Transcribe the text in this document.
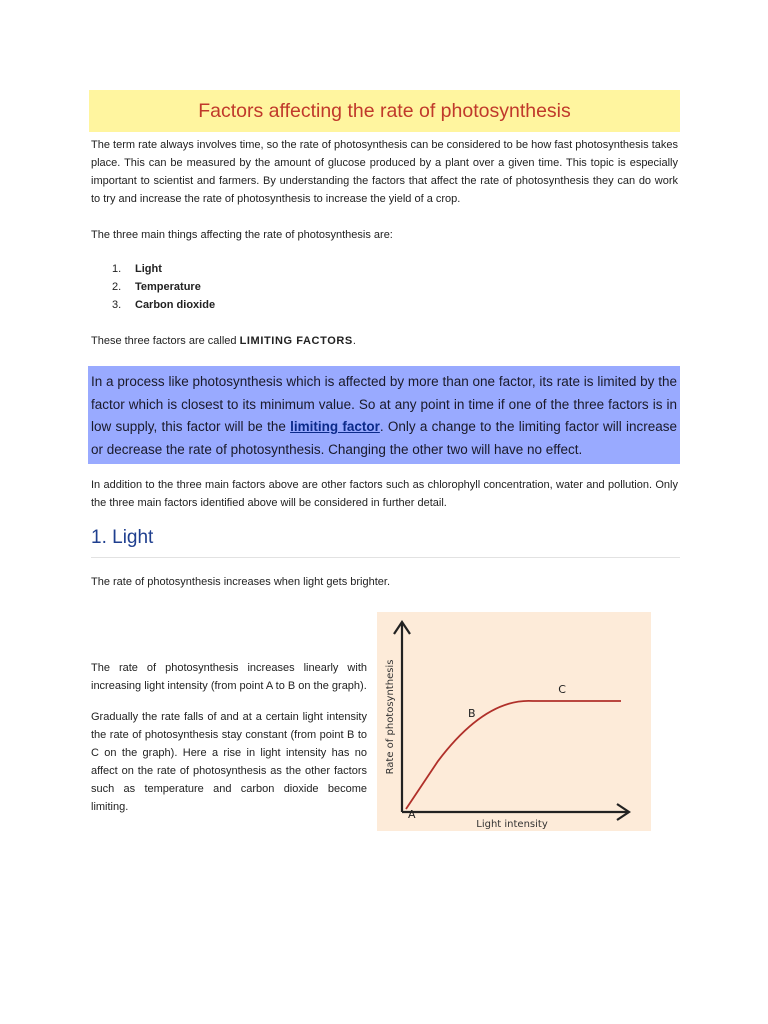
Factors affecting the rate of photosynthesis

The term rate always involves time, so the rate of photosynthesis can be considered to be how fast photosynthesis takes place. This can be measured by the amount of glucose produced by a plant over a given time. This topic is especially important to scientist and farmers. By understanding the factors that affect the rate of photosynthesis they can do work to try and increase the rate of photosynthesis to increase the yield of a crop.

The three main things affecting the rate of photosynthesis are:

1.	Light
2.	Temperature
3.	Carbon dioxide

These three factors are called LIMITING FACTORS.

In a process like photosynthesis which is affected by more than one factor, its rate is limited by the factor which is closest to its minimum value. So at any point in time if one of the three factors is in low supply, this factor will be the limiting factor. Only a change to the limiting factor will increase or decrease the rate of photosynthesis. Changing the other two will have no effect.

In addition to the three main factors above are other factors such as chlorophyll concentration, water and pollution. Only the three main factors identified above will be considered in further detail.

1. Light

The rate of photosynthesis increases when light gets brighter.

The rate of photosynthesis increases linearly with increasing light intensity (from point A to B on the graph).

Gradually the rate falls of and at a certain light intensity the rate of photosynthesis stay constant (from point B to C on the graph). Here a rise in light intensity has no affect on the rate of photosynthesis as the other factors such as temperature and carbon dioxide become limiting.

A
B
C
Light intensity
Rate of photosynthesis
